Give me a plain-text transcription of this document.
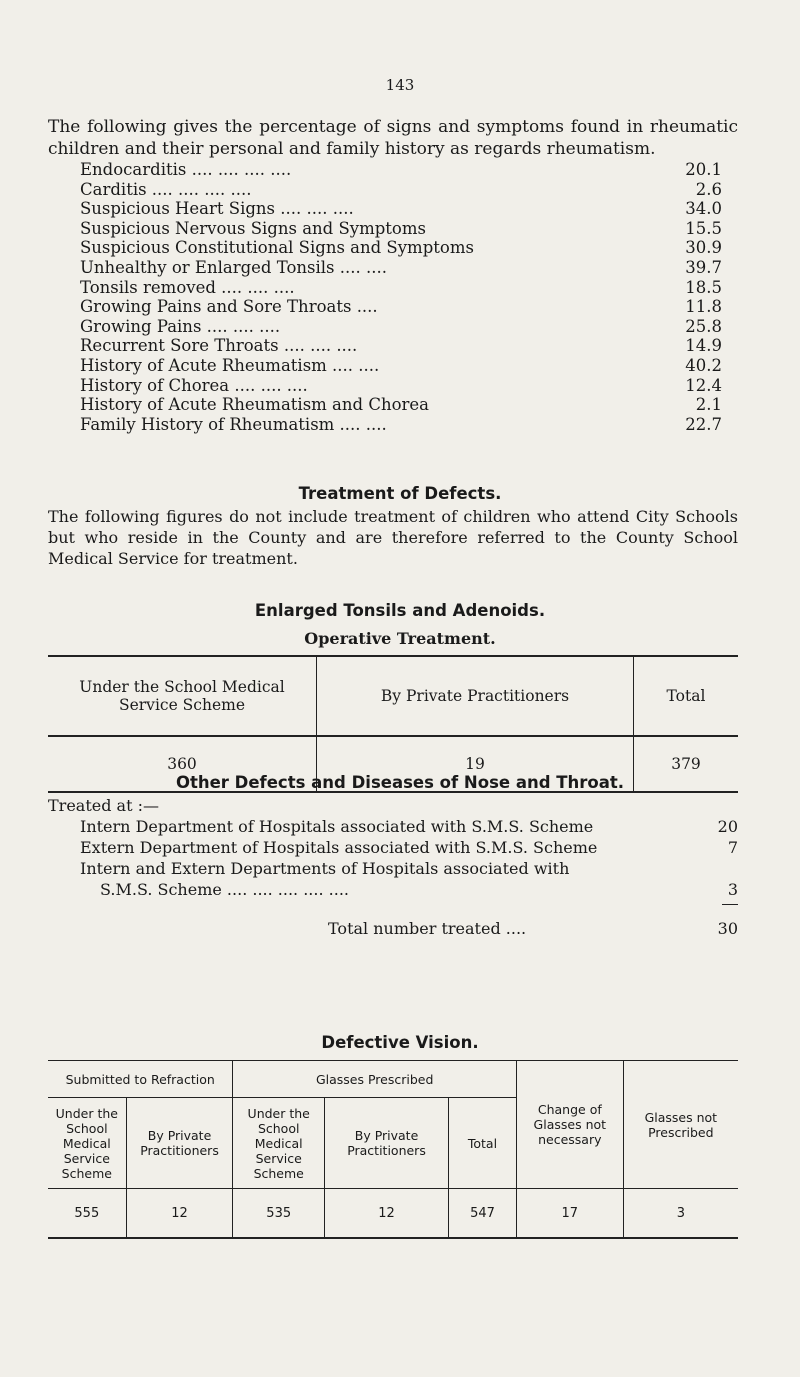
143
The following gives the percentage of signs and symptoms found in rheumatic children and their personal and family history as regards rheumatism.
Endocarditis .... .... .... ....	20.1
Carditis .... .... .... ....	2.6
Suspicious Heart Signs .... .... ....	34.0
Suspicious Nervous Signs and Symptoms	15.5
Suspicious Constitutional Signs and Symptoms	30.9
Unhealthy or Enlarged Tonsils .... ....	39.7
Tonsils removed .... .... ....	18.5
Growing Pains and Sore Throats ....	11.8
Growing Pains .... .... ....	25.8
Recurrent Sore Throats .... .... ....	14.9
History of Acute Rheumatism .... ....	40.2
History of Chorea .... .... ....	12.4
History of Acute Rheumatism and Chorea	2.1
Family History of Rheumatism .... ....	22.7
Treatment of Defects.
The following figures do not include treatment of children who attend City Schools but who reside in the County and are therefore referred to the County School Medical Service for treatment.
Enlarged Tonsils and Adenoids.
Operative Treatment.
Under the School Medical Service Scheme	By Private Practitioners	Total
360	19	379
Other Defects and Diseases of Nose and Throat.
Treated at :—
Intern Department of Hospitals associated with S.M.S. Scheme	20
Extern Department of Hospitals associated with S.M.S. Scheme	7
Intern and Extern Departments of Hospitals associated with
S.M.S. Scheme .... .... .... .... ....	3
Total number treated ....	30
Defective Vision.
Submitted to Refraction		Glasses Prescribed			Change of Glasses not necessary	Glasses not Prescribed
Under the School Medical Service Scheme	By Private Practitioners	Under the School Medical Service Scheme	By Private Practitioners	Total		
555	12	535	12	547	17	3
